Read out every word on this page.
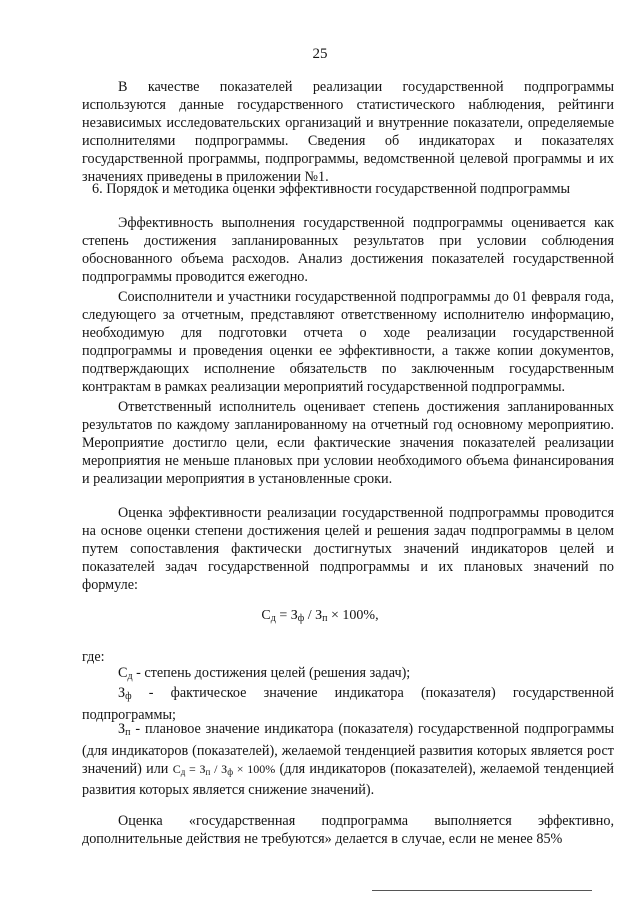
25

В качестве показателей реализации государственной подпрограммы используются данные государственного статистического наблюдения, рейтинги независимых исследовательских организаций и внутренние показатели, определяемые исполнителями подпрограммы. Сведения об индикаторах и показателях государственной программы, подпрограммы, ведомственной целевой программы и их значениях приведены в приложении №1.

6. Порядок и методика оценки эффективности государственной подпрограммы

Эффективность выполнения государственной подпрограммы оценивается как степень достижения запланированных результатов при условии соблюдения обоснованного объема расходов. Анализ достижения показателей государственной подпрограммы проводится ежегодно.

Соисполнители и участники государственной подпрограммы до 01 февраля года, следующего за отчетным, представляют ответственному исполнителю информацию, необходимую для подготовки отчета о ходе реализации государственной подпрограммы и проведения оценки ее эффективности, а также копии документов, подтверждающих исполнение обязательств по заключенным государственным контрактам в рамках реализации мероприятий государственной подпрограммы.

Ответственный исполнитель оценивает степень достижения запланированных результатов по каждому запланированному на отчетный год основному мероприятию. Мероприятие достигло цели, если фактические значения показателей реализации мероприятия не меньше плановых при условии необходимого объема финансирования и реализации мероприятия в установленные сроки.

Оценка эффективности реализации государственной подпрограммы проводится на основе оценки степени достижения целей и решения задач подпрограммы в целом путем сопоставления фактически достигнутых значений индикаторов целей и показателей задач государственной подпрограммы и их плановых значений по формуле:

$С_д = З_ф / З_п \times 100\%$,

где:

$С_д$ - степень достижения целей (решения задач);

$З_ф$ - фактическое значение индикатора (показателя) государственной подпрограммы;

$З_п$ - плановое значение индикатора (показателя) государственной подпрограммы (для индикаторов (показателей), желаемой тенденцией развития которых является рост значений) или $С_д = З_п / З_ф \times 100\%$ (для индикаторов (показателей), желаемой тенденцией развития которых является снижение значений).

Оценка «государственная подпрограмма выполняется эффективно, дополнительные действия не требуются» делается в случае, если не менее 85%
